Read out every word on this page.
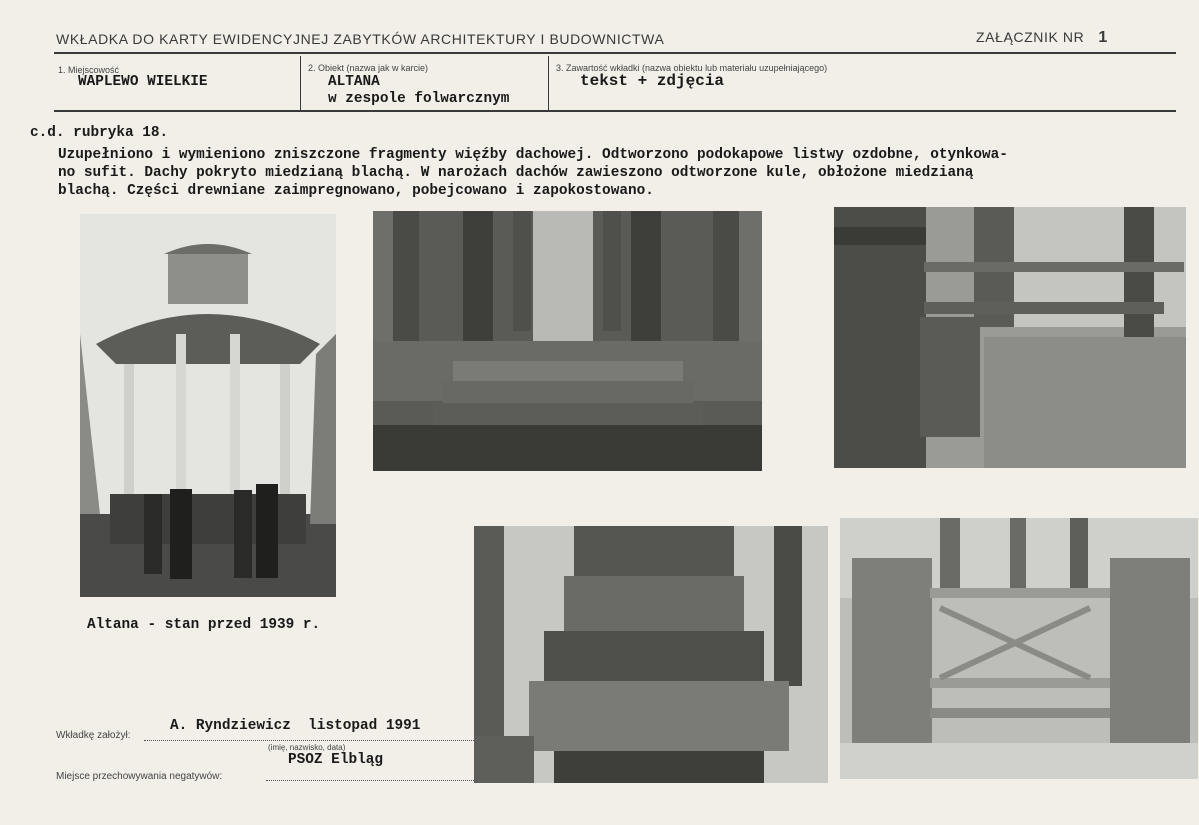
WKŁADKA DO KARTY EWIDENCYJNEJ ZABYTKÓW ARCHITEKTURY I BUDOWNICTWA	ZAŁĄCZNIK NR 1
1. Miejscowość
WAPLEWO WIELKIE
2. Obiekt (nazwa jak w karcie)
ALTANA
w zespole folwarcznym
3. Zawartość wkładki (nazwa obiektu lub materiału uzupełniającego)
tekst + zdjęcia
c.d. rubryka 18.
Uzupełniono i wymieniono zniszczone fragmenty więźby dachowej. Odtworzono podokapowe listwy ozdobne, otynkowa-
no sufit. Dachy pokryto miedzianą blachą. W narożach dachów zawieszono odtworzone kule, obłożone miedzianą
blachą. Części drewniane zaimpregnowano, pobejcowano i zapokostowano.
Altana - stan przed 1939 r.
Wkładkę założył:
A. Ryndziewicz  listopad 1991
(imię, nazwisko, data)
Miejsce przechowywania negatywów:
PSOZ Elbląg
